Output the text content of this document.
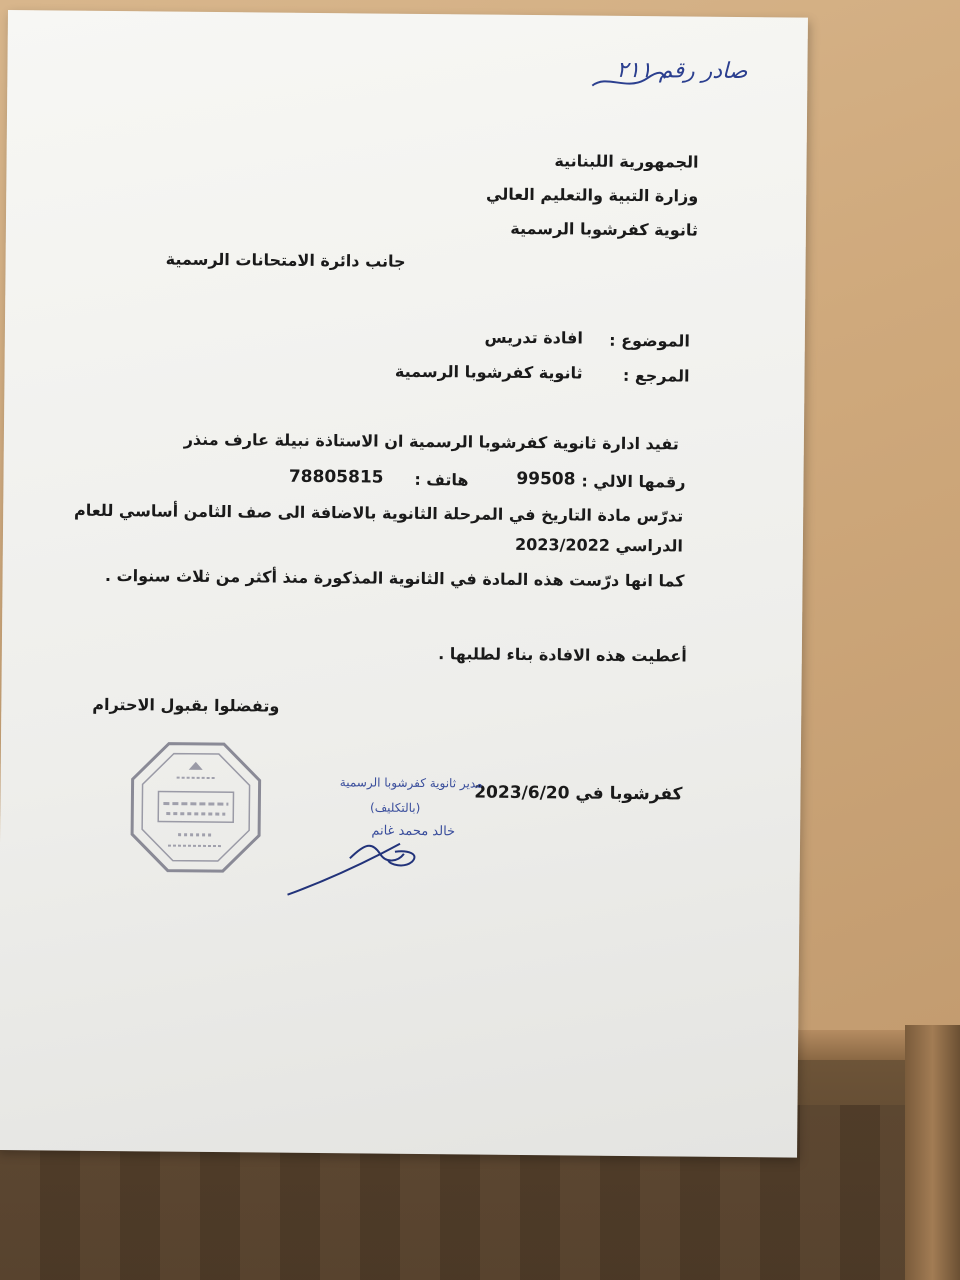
صادر رقم ٢١١
الجمهورية اللبنانية
وزارة التبية والتعليم العالي
ثانوية كفرشوبا الرسمية
جانب دائرة الامتحانات الرسمية
الموضوع :
افادة تدريس
المرجع :
ثانوية كفرشوبا الرسمية
تفيد ادارة ثانوية كفرشوبا الرسمية ان الاستاذة نبيلة عارف منذر
رقمها الالي :
99508
هاتف :
78805815
تدرّس مادة التاريخ في المرحلة الثانوية بالاضافة الى صف الثامن أساسي للعام
الدراسي 2023/2022
كما انها درّست هذه المادة في الثانوية المذكورة منذ أكثر من ثلاث سنوات .
أعطيت هذه الافادة بناء لطلبها .
وتفضلوا بقبول الاحترام
كفرشوبا في 2023/6/20
مدير ثانوية كفرشوبا الرسمية
(بالتكليف)
خالد محمد غانم
